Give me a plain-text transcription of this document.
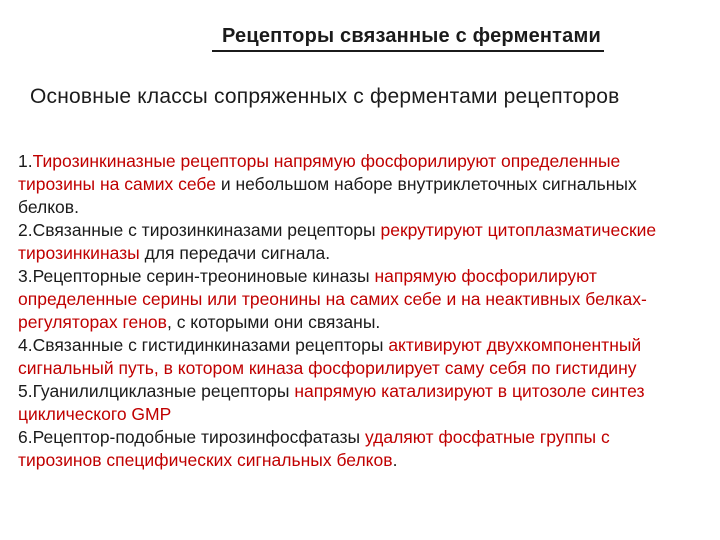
Рецепторы связанные с ферментами
Основные классы сопряженных с ферментами рецепторов
1.Тирозинкиназные рецепторы напрямую фосфорилируют определенные тирозины на самих себе и небольшом наборе внутриклеточных сигнальных белков.
2.Связанные с тирозинкиназами рецепторы рекрутируют цитоплазматические тирозинкиназы для передачи сигнала.
3.Рецепторные серин-треониновые киназы напрямую фосфорилируют определенные серины или треонины на самих себе и на неактивных белках-регуляторах генов, с которыми они связаны.
4.Связанные с гистидинкиназами рецепторы активируют двухкомпонентный сигнальный путь, в котором киназа фосфорилирует саму себя по гистидину
5.Гуанилилциклазные рецепторы напрямую катализируют в цитозоле синтез циклического GMP
6.Рецептор-подобные тирозинфосфатазы удаляют фосфатные группы с тирозинов специфических сигнальных белков.
